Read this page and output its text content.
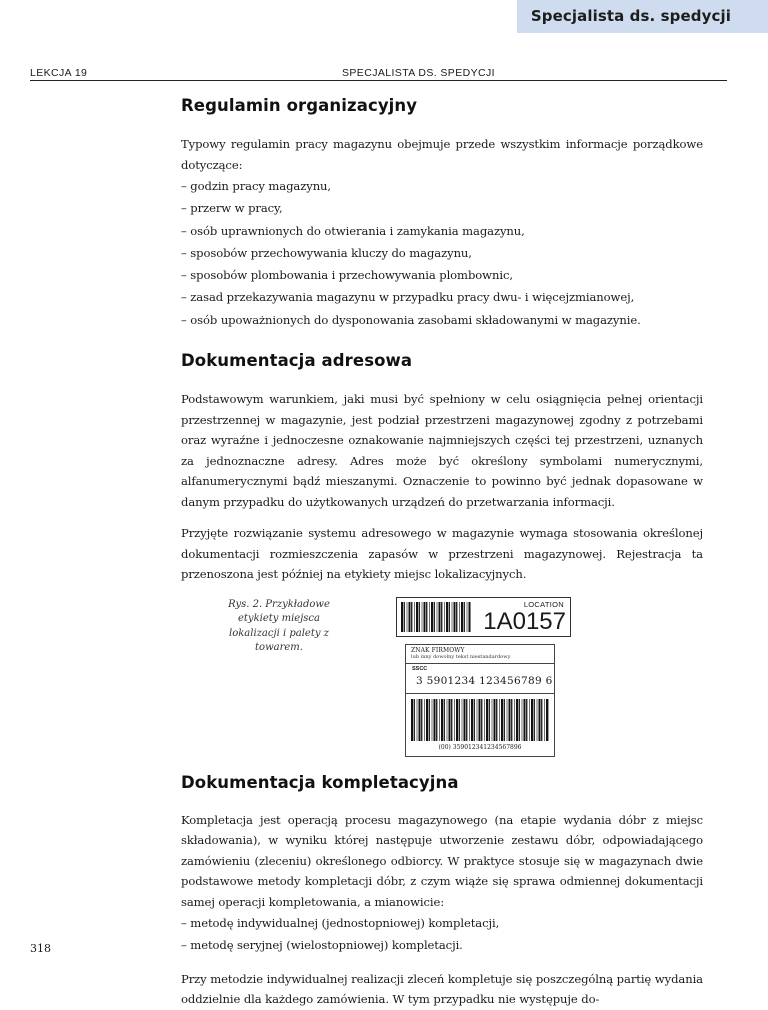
Specjalista ds. spedycji
LEKCJA 19	SPECJALISTA DS. SPEDYCJI
Regulamin organizacyjny

Typowy regulamin pracy magazynu obejmuje przede wszystkim informacje porządkowe dotyczące:

– godzin pracy magazynu,
– przerw w pracy,
– osób uprawnionych do otwierania i zamykania magazynu,
– sposobów przechowywania kluczy do magazynu,
– sposobów plombowania i przechowywania plombownic,
– zasad przekazywania magazynu w przypadku pracy dwu- i więcejzmianowej,
– osób upoważnionych do dysponowania zasobami składowanymi w magazynie.
Dokumentacja adresowa

Podstawowym warunkiem, jaki musi być spełniony w celu osiągnięcia pełnej orientacji przestrzennej w magazynie, jest podział przestrzeni magazynowej zgodny z potrzebami oraz wyraźne i jednoczesne oznakowanie najmniejszych części tej przestrzeni, uznanych za jednoznaczne adresy. Adres może być określony symbolami numerycznymi, alfanumerycznymi bądź mieszanymi. Oznaczenie to powinno być jednak dopasowane w danym przypadku do użytkowanych urządzeń do przetwarzania informacji.

Przyjęte rozwiązanie systemu adresowego w magazynie wymaga stosowania określonej dokumentacji rozmieszczenia zapasów w przestrzeni magazynowej. Rejestracja ta przenoszona jest później na etykiety miejsc lokalizacyjnych.

Rys. 2. Przykładowe etykiety miejsca lokalizacji i palety z towarem.
LOCATION
1A0157
ZNAK FIRMOWY
lub inny dowolny tekst niestandardowy
SSCC
3 5901234 123456789 6
(00) 359012341234567896
Dokumentacja kompletacyjna

Kompletacja jest operacją procesu magazynowego (na etapie wydania dóbr z miejsc składowania), w wyniku której następuje utworzenie zestawu dóbr, odpowiadającego zamówieniu (zleceniu) określonego odbiorcy. W praktyce stosuje się w magazynach dwie podstawowe metody kompletacji dóbr, z czym wiąże się sprawa odmiennej dokumentacji samej operacji kompletowania, a mianowicie:

– metodę indywidualnej (jednostopniowej) kompletacji,
– metodę seryjnej (wielostopniowej) kompletacji.

Przy metodzie indywidualnej realizacji zleceń kompletuje się poszczególną partię wydania oddzielnie dla każdego zamówienia. W tym przypadku nie występuje do-

318
